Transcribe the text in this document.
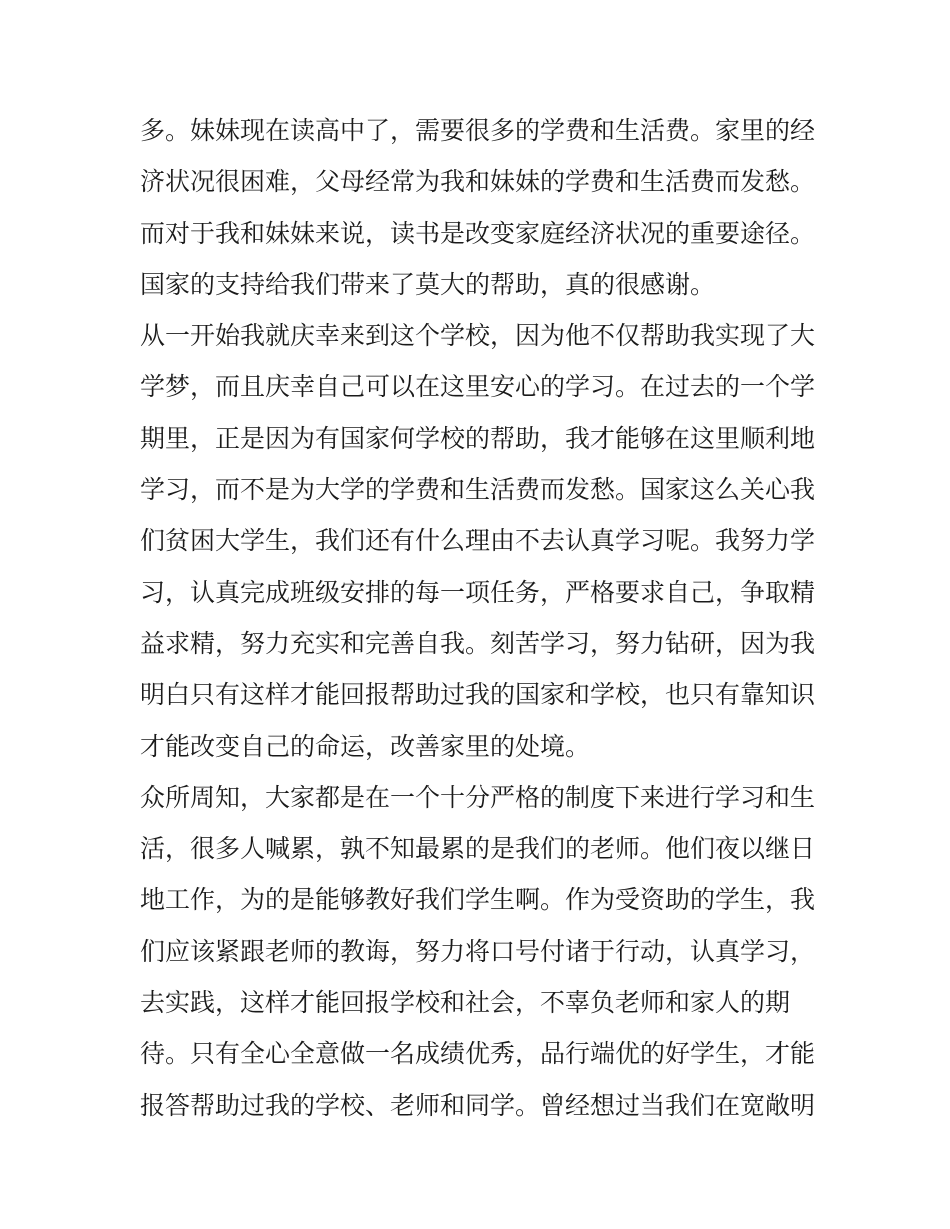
多。妹妹现在读高中了，需要很多的学费和生活费。家里的经
济状况很困难，父母经常为我和妹妹的学费和生活费而发愁。
而对于我和妹妹来说，读书是改变家庭经济状况的重要途径。
国家的支持给我们带来了莫大的帮助，真的很感谢。
从一开始我就庆幸来到这个学校，因为他不仅帮助我实现了大
学梦，而且庆幸自己可以在这里安心的学习。在过去的一个学
期里，正是因为有国家何学校的帮助，我才能够在这里顺利地
学习，而不是为大学的学费和生活费而发愁。国家这么关心我
们贫困大学生，我们还有什么理由不去认真学习呢。我努力学
习，认真完成班级安排的每一项任务，严格要求自己，争取精
益求精，努力充实和完善自我。刻苦学习，努力钻研，因为我
明白只有这样才能回报帮助过我的国家和学校，也只有靠知识
才能改变自己的命运，改善家里的处境。
众所周知，大家都是在一个十分严格的制度下来进行学习和生
活，很多人喊累，孰不知最累的是我们的老师。他们夜以继日
地工作，为的是能够教好我们学生啊。作为受资助的学生，我
们应该紧跟老师的教诲，努力将口号付诸于行动，认真学习，
去实践，这样才能回报学校和社会，不辜负老师和家人的期
待。只有全心全意做一名成绩优秀，品行端优的好学生，才能
报答帮助过我的学校、老师和同学。曾经想过当我们在宽敞明
